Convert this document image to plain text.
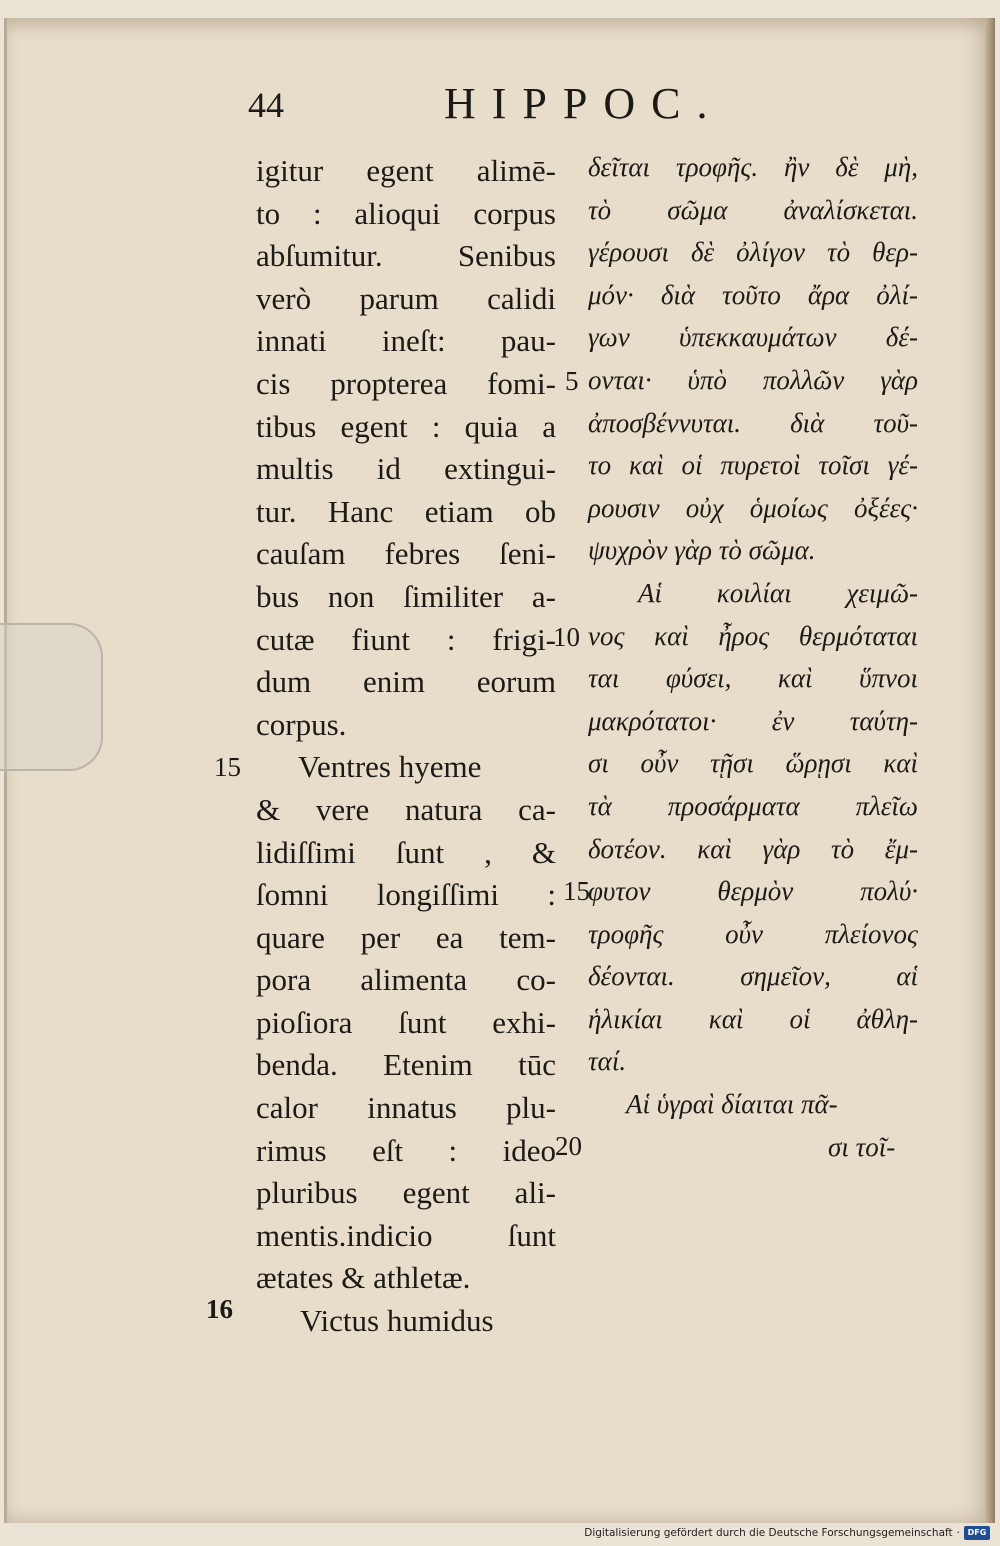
44	HIPPOC.
igitur egent alimē-
to : alioqui corpus
abſumitur. Senibus
verò parum calidi
innati ineſt: pau-
cis propterea fomi-
tibus egent : quia a
multis id extingui-
tur. Hanc etiam ob
cauſam febres ſeni-
bus non ſimiliter a-
cutæ fiunt : frigi-
dum enim eorum
corpus.
Ventres hyeme
& vere natura ca-
lidiſſimi ſunt , &
ſomni longiſſimi :
quare per ea tem-
pora alimenta co-
pioſiora ſunt exhi-
benda. Etenim tūc
calor innatus plu-
rimus eſt : ideo
pluribus egent ali-
mentis.indicio ſunt
ætates & athletæ.
Victus humidus
δεῖται τροφῆς. ἢν δὲ μὴ,
τὸ σῶμα ἀναλίσκεται.
γέρουσι δὲ ὀλίγον τὸ θερ-
μόν· διὰ τοῦτο ἄρα ὀλί-
γων ὑπεκκαυμάτων δέ-
ονται· ὑπὸ πολλῶν γὰρ
ἀποσβέννυται. διὰ τοῦ-
το καὶ οἱ πυρετοὶ τοῖσι γέ-
ρουσιν οὐχ ὁμοίως ὀξέες·
ψυχρὸν γὰρ τὸ σῶμα.
Αἱ κοιλίαι χειμῶ-
νος καὶ ἦρος θερμόταται
ται φύσει, καὶ ὕπνοι
μακρότατοι· ἐν ταύτη-
σι οὖν τῇσι ὥρῃσι καὶ
τὰ προσάρματα πλεῖω
δοτέον. καὶ γὰρ τὸ ἔμ-
φυτον θερμὸν πολύ·
τροφῆς οὖν πλείονος
δέονται. σημεῖον, αἱ
ἡλικίαι καὶ οἱ ἀθλη-
ταί.
Αἱ ὑγραὶ δίαιται πᾶ-
σι τοῖ-
5
10
15
15
20
16
Digitalisierung gefördert durch die Deutsche Forschungsgemeinschaft · DFG
